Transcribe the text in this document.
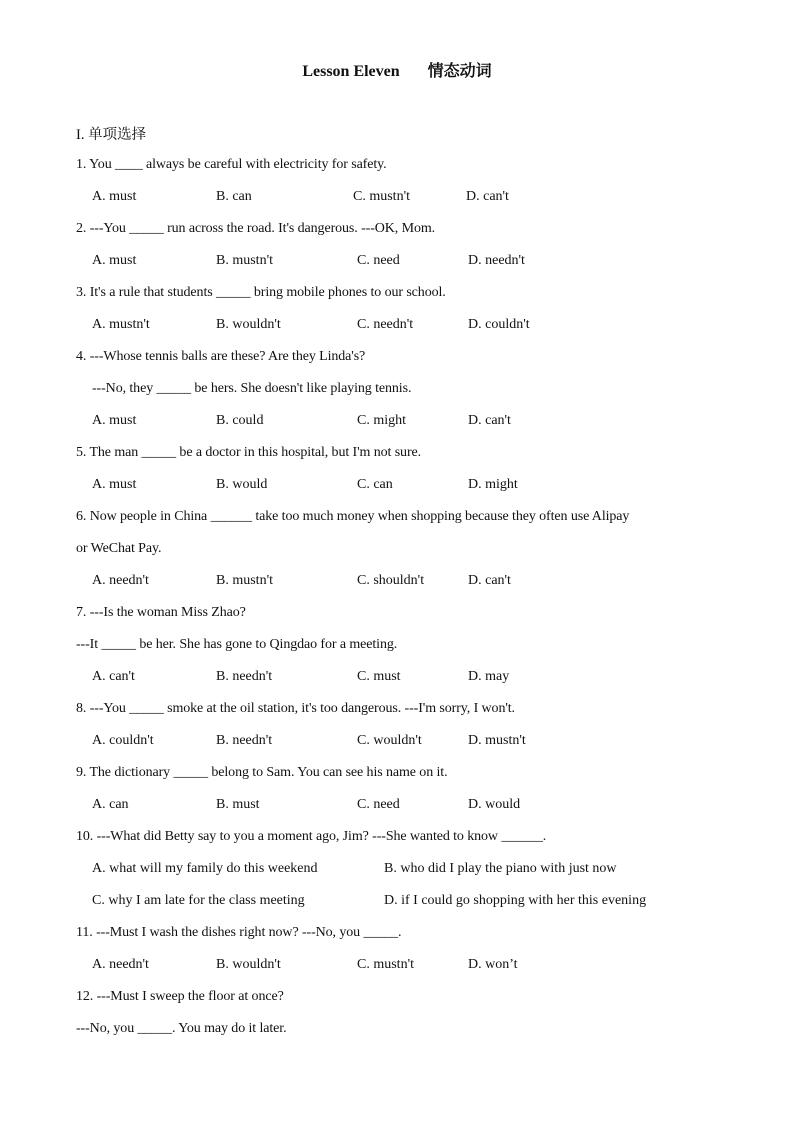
Lesson Eleven 情态动词
I. 单项选择
1. You ____ always be careful with electricity for safety.
A. must	B. can	C. mustn't	D. can't
2. ---You _____ run across the road. It's dangerous. ---OK, Mom.
A. must	B. mustn't	C. need	D. needn't
3. It's a rule that students _____ bring mobile phones to our school.
A. mustn't	B. wouldn't	C. needn't	D. couldn't
4. ---Whose tennis balls are these? Are they Linda's?
---No, they _____ be hers. She doesn't like playing tennis.
A. must	B. could	C. might	D. can't
5. The man _____ be a doctor in this hospital, but I'm not sure.
A. must	B. would	C. can	D. might
6. Now people in China ______ take too much money when shopping because they often use Alipay
or WeChat Pay.
A. needn't	B. mustn't	C. shouldn't	D. can't
7. ---Is the woman Miss Zhao?
---It _____ be her. She has gone to Qingdao for a meeting.
A. can't	B. needn't	C. must	D. may
8. ---You _____ smoke at the oil station, it's too dangerous. ---I'm sorry, I won't.
A. couldn't	B. needn't	C. wouldn't	D. mustn't
9. The dictionary _____ belong to Sam. You can see his name on it.
A. can	B. must	C. need	D. would
10. ---What did Betty say to you a moment ago, Jim? ---She wanted to know ______.
A. what will my family do this weekend	B. who did I play the piano with just now
C. why I am late for the class meeting	D. if I could go shopping with her this evening
11. ---Must I wash the dishes right now? ---No, you _____.
A. needn't	B. wouldn't	C. mustn't	D. won’t
12. ---Must I sweep the floor at once?
---No, you _____. You may do it later.
